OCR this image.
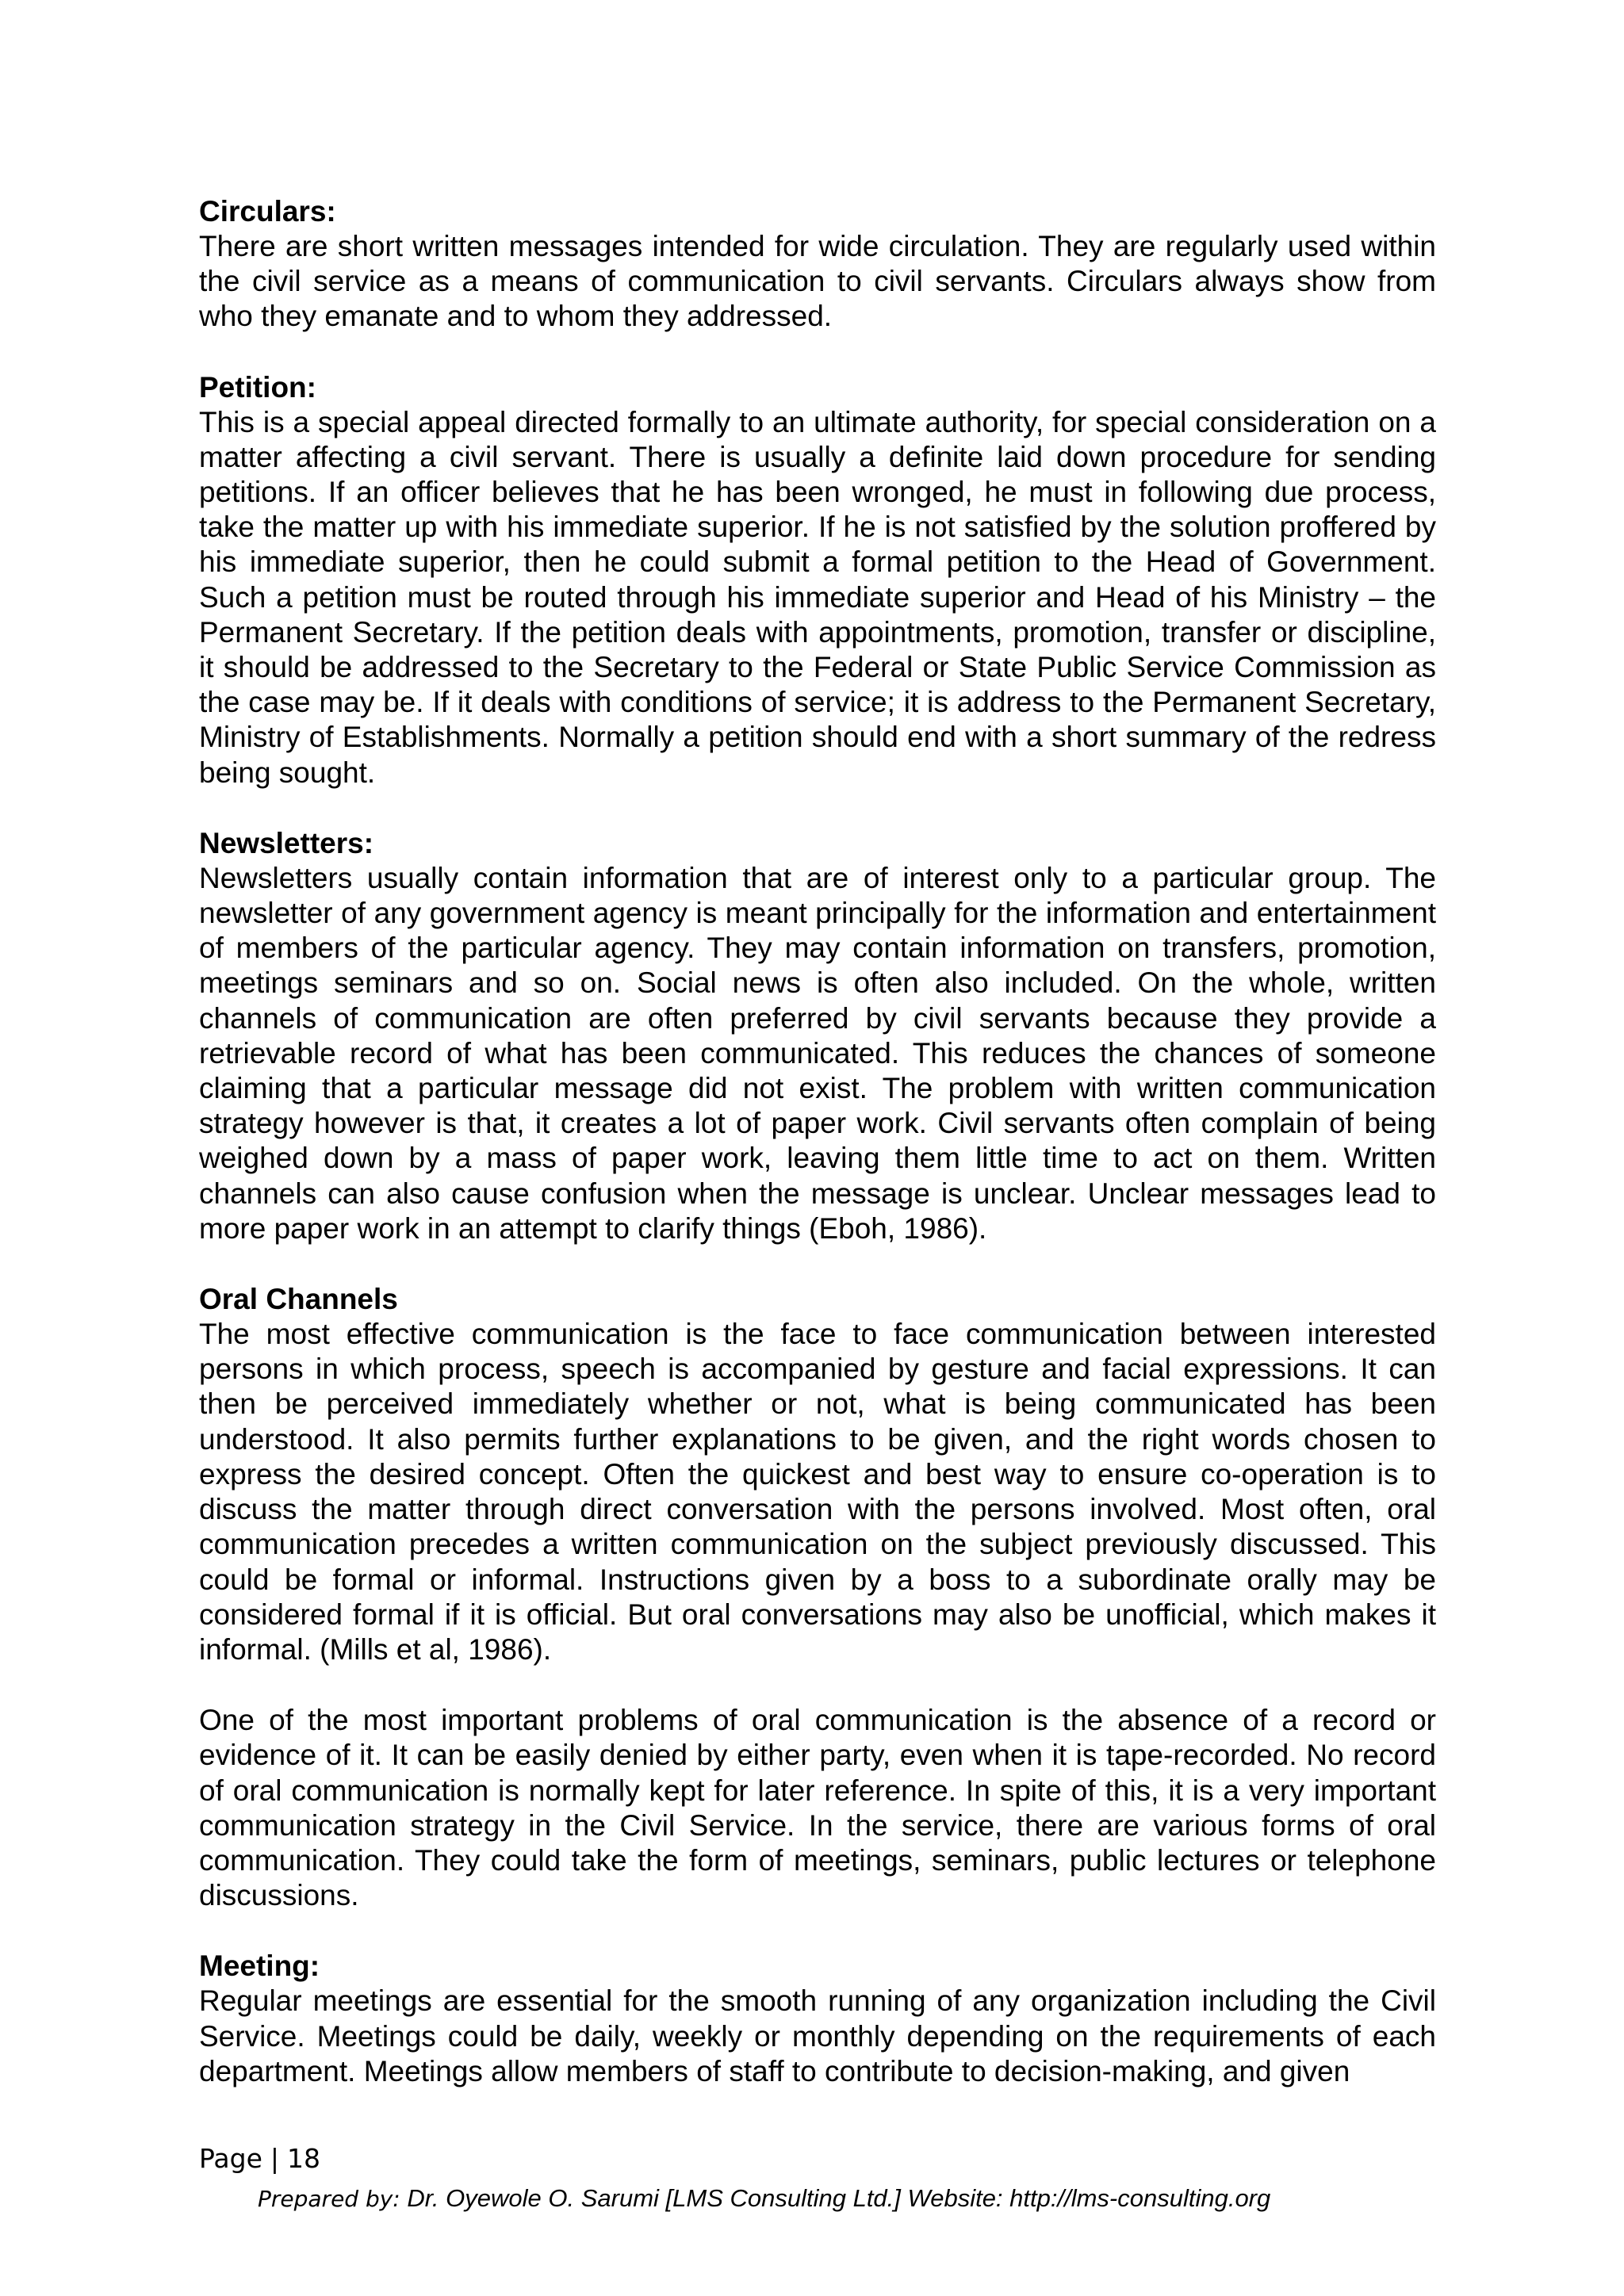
Circulars:

There are short written messages intended for wide circulation. They are regularly used within the civil service as a means of communication to civil servants. Circulars always show from who they emanate and to whom they addressed.

Petition:

This is a special appeal directed formally to an ultimate authority, for special consideration on a matter affecting a civil servant. There is usually a definite laid down procedure for sending petitions. If an officer believes that he has been wronged, he must in following due process, take the matter up with his immediate superior. If he is not satisfied by the solution proffered by his immediate superior, then he could submit a formal petition to the Head of Government. Such a petition must be routed through his immediate superior and Head of his Ministry – the Permanent Secretary. If the petition deals with appointments, promotion, transfer or discipline, it should be addressed to the Secretary to the Federal or State Public Service Commission as the case may be. If it deals with conditions of service; it is address to the Permanent Secretary, Ministry of Establishments. Normally a petition should end with a short summary of the redress being sought.

Newsletters:

Newsletters usually contain information that are of interest only to a particular group. The newsletter of any government agency is meant principally for the information and entertainment of members of the particular agency. They may contain information on transfers, promotion, meetings seminars and so on. Social news is often also included. On the whole, written channels of communication are often preferred by civil servants because they provide a retrievable record of what has been communicated. This reduces the chances of someone claiming that a particular message did not exist. The problem with written communication strategy however is that, it creates a lot of paper work. Civil servants often complain of being weighed down by a mass of paper work, leaving them little time to act on them. Written channels can also cause confusion when the message is unclear. Unclear messages lead to more paper work in an attempt to clarify things (Eboh, 1986).

Oral Channels

The most effective communication is the face to face communication between interested persons in which process, speech is accompanied by gesture and facial expressions. It can then be perceived immediately whether or not, what is being communicated has been understood. It also permits further explanations to be given, and the right words chosen to express the desired concept. Often the quickest and best way to ensure co-operation is to discuss the matter through direct conversation with the persons involved. Most often, oral communication precedes a written communication on the subject previously discussed. This could be formal or informal. Instructions given by a boss to a subordinate orally may be considered formal if it is official. But oral conversations may also be unofficial, which makes it informal. (Mills et al, 1986).

One of the most important problems of oral communication is the absence of a record or evidence of it. It can be easily denied by either party, even when it is tape-recorded. No record of oral communication is normally kept for later reference. In spite of this, it is a very important communication strategy in the Civil Service. In the service, there are various forms of oral communication. They could take the form of meetings, seminars, public lectures or telephone discussions.

Meeting:

Regular meetings are essential for the smooth running of any organization including the Civil Service. Meetings could be daily, weekly or monthly depending on the requirements of each department. Meetings allow members of staff to contribute to decision-making, and given

Page | 18
Prepared by: Dr. Oyewole O. Sarumi [LMS Consulting Ltd.] Website: http://lms-consulting.org
